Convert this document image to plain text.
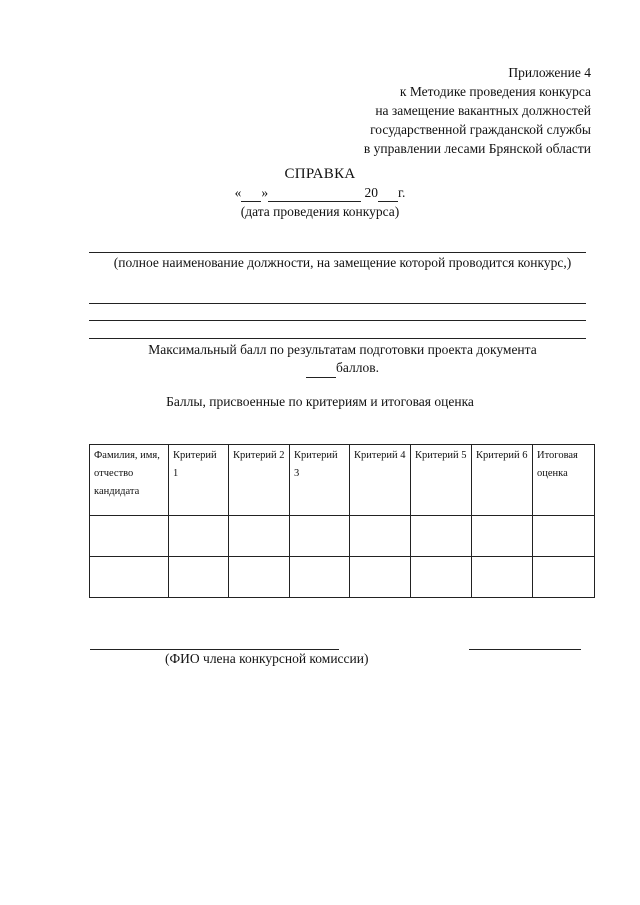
Приложение 4
к Методике проведения конкурса
на замещение вакантных должностей
государственной гражданской службы
в управлении лесами Брянской области
СПРАВКА
« »	20 г.
(дата проведения конкурса)
(полное наименование должности, на замещение которой проводится конкурс,)
Максимальный балл по результатам подготовки проекта документа
баллов.
Баллы, присвоенные по критериям и итоговая оценка
Фамилия, имя, отчество кандидата	Критерий 1	Критерий 2	Критерий 3	Критерий 4	Критерий 5	Критерий 6	Итоговая оценка

(ФИО члена конкурсной комиссии)
